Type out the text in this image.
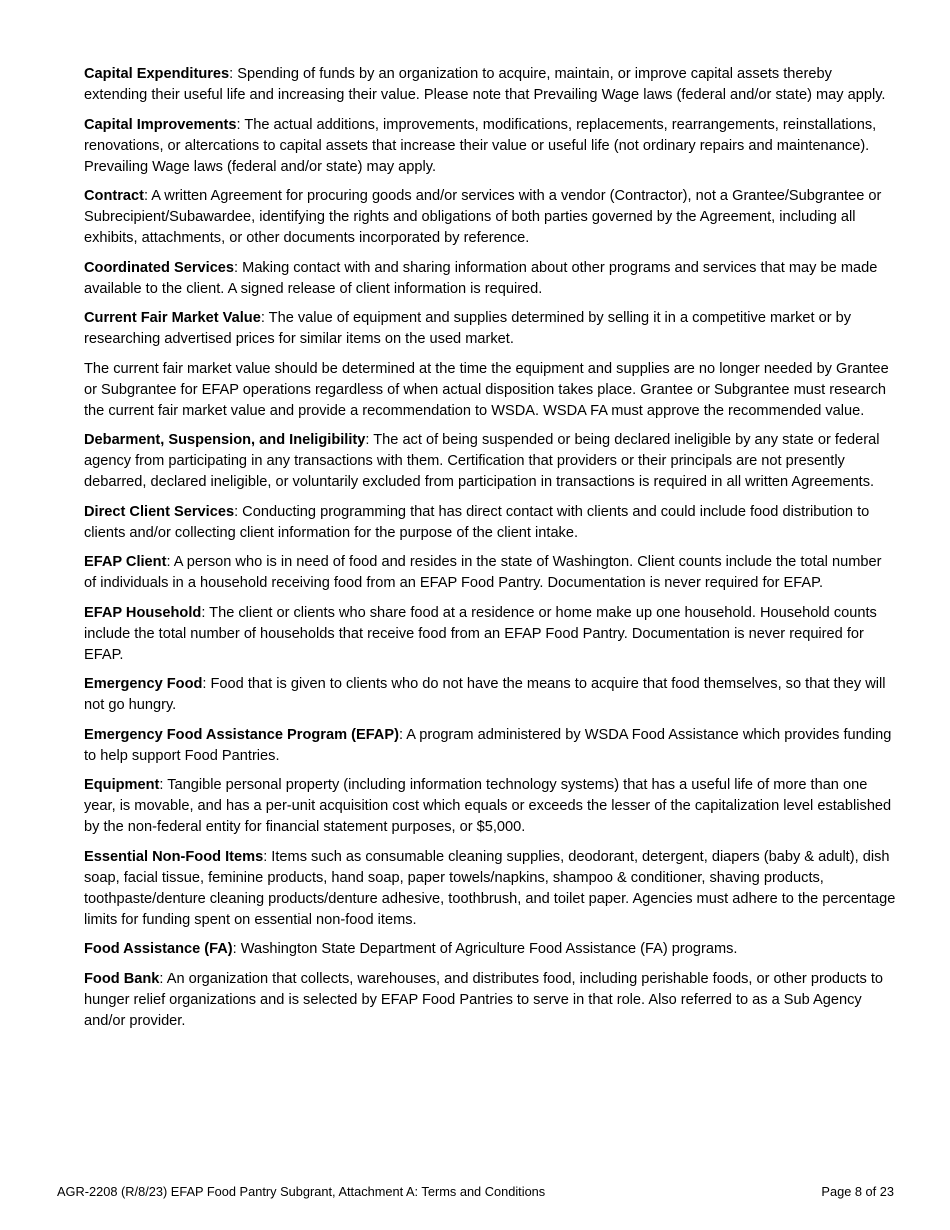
Capital Expenditures: Spending of funds by an organization to acquire, maintain, or improve capital assets thereby extending their useful life and increasing their value. Please note that Prevailing Wage laws (federal and/or state) may apply.

Capital Improvements: The actual additions, improvements, modifications, replacements, rearrangements, reinstallations, renovations, or altercations to capital assets that increase their value or useful life (not ordinary repairs and maintenance). Prevailing Wage laws (federal and/or state) may apply.

Contract: A written Agreement for procuring goods and/or services with a vendor (Contractor), not a Grantee/Subgrantee or Subrecipient/Subawardee, identifying the rights and obligations of both parties governed by the Agreement, including all exhibits, attachments, or other documents incorporated by reference.

Coordinated Services: Making contact with and sharing information about other programs and services that may be made available to the client. A signed release of client information is required.

Current Fair Market Value: The value of equipment and supplies determined by selling it in a competitive market or by researching advertised prices for similar items on the used market.

The current fair market value should be determined at the time the equipment and supplies are no longer needed by Grantee or Subgrantee for EFAP operations regardless of when actual disposition takes place. Grantee or Subgrantee must research the current fair market value and provide a recommendation to WSDA. WSDA FA must approve the recommended value.

Debarment, Suspension, and Ineligibility: The act of being suspended or being declared ineligible by any state or federal agency from participating in any transactions with them. Certification that providers or their principals are not presently debarred, declared ineligible, or voluntarily excluded from participation in transactions is required in all written Agreements.

Direct Client Services: Conducting programming that has direct contact with clients and could include food distribution to clients and/or collecting client information for the purpose of the client intake.

EFAP Client: A person who is in need of food and resides in the state of Washington. Client counts include the total number of individuals in a household receiving food from an EFAP Food Pantry. Documentation is never required for EFAP.

EFAP Household: The client or clients who share food at a residence or home make up one household. Household counts include the total number of households that receive food from an EFAP Food Pantry. Documentation is never required for EFAP.

Emergency Food: Food that is given to clients who do not have the means to acquire that food themselves, so that they will not go hungry.

Emergency Food Assistance Program (EFAP): A program administered by WSDA Food Assistance which provides funding to help support Food Pantries.

Equipment: Tangible personal property (including information technology systems) that has a useful life of more than one year, is movable, and has a per-unit acquisition cost which equals or exceeds the lesser of the capitalization level established by the non-federal entity for financial statement purposes, or $5,000.

Essential Non-Food Items: Items such as consumable cleaning supplies, deodorant, detergent, diapers (baby & adult), dish soap, facial tissue, feminine products, hand soap, paper towels/napkins, shampoo & conditioner, shaving products, toothpaste/denture cleaning products/denture adhesive, toothbrush, and toilet paper. Agencies must adhere to the percentage limits for funding spent on essential non-food items.

Food Assistance (FA): Washington State Department of Agriculture Food Assistance (FA) programs.

Food Bank: An organization that collects, warehouses, and distributes food, including perishable foods, or other products to hunger relief organizations and is selected by EFAP Food Pantries to serve in that role. Also referred to as a Sub Agency and/or provider.

AGR-2208 (R/8/23) EFAP Food Pantry Subgrant, Attachment A: Terms and Conditions	Page 8 of 23
